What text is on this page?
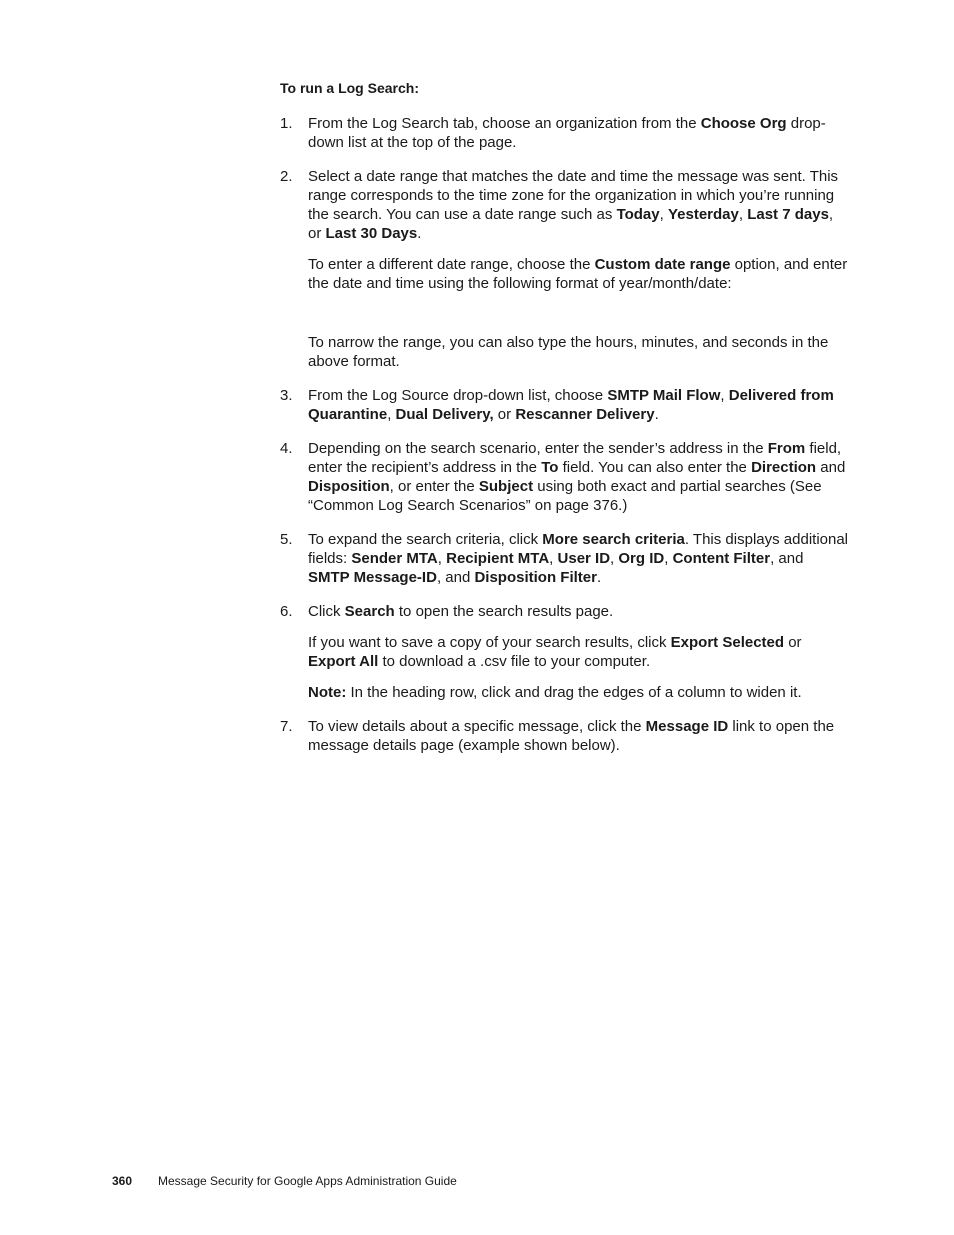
To run a Log Search:
1. From the Log Search tab, choose an organization from the Choose Org drop-down list at the top of the page.

2. Select a date range that matches the date and time the message was sent. This range corresponds to the time zone for the organization in which you’re running the search. You can use a date range such as Today, Yesterday, Last 7 days, or Last 30 Days.

To enter a different date range, choose the Custom date range option, and enter the date and time using the following format of year/month/date:

To narrow the range, you can also type the hours, minutes, and seconds in the above format.

3. From the Log Source drop-down list, choose SMTP Mail Flow, Delivered from Quarantine, Dual Delivery, or Rescanner Delivery.

4. Depending on the search scenario, enter the sender’s address in the From field, enter the recipient’s address in the To field. You can also enter the Direction and Disposition, or enter the Subject using both exact and partial searches (See “Common Log Search Scenarios” on page 376.)

5. To expand the search criteria, click More search criteria. This displays additional fields: Sender MTA, Recipient MTA, User ID, Org ID, Content Filter, and SMTP Message-ID, and Disposition Filter.

6. Click Search to open the search results page.

If you want to save a copy of your search results, click Export Selected or Export All to download a .csv file to your computer.

Note: In the heading row, click and drag the edges of a column to widen it.

7. To view details about a specific message, click the Message ID link to open the message details page (example shown below).

360 Message Security for Google Apps Administration Guide
